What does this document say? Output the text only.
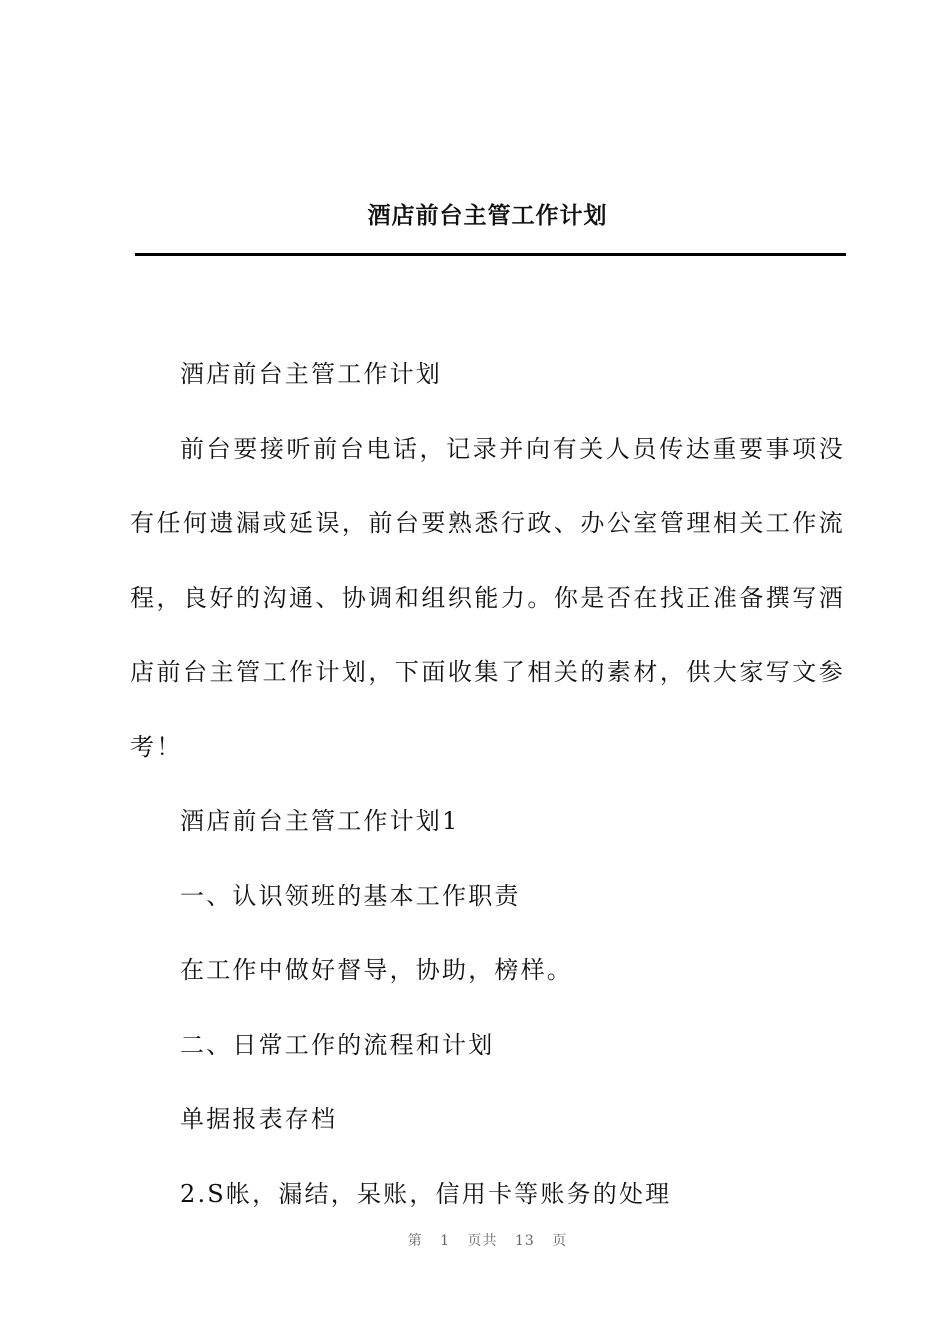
酒店前台主管工作计划

酒店前台主管工作计划

前台要接听前台电话，记录并向有关人员传达重要事项没有任何遗漏或延误，前台要熟悉行政、办公室管理相关工作流程，良好的沟通、协调和组织能力。你是否在找正准备撰写酒店前台主管工作计划，下面收集了相关的素材，供大家写文参考！

酒店前台主管工作计划1

一、认识领班的基本工作职责

在工作中做好督导，协助，榜样。

二、日常工作的流程和计划

单据报表存档

2.S帐，漏结，呆账，信用卡等账务的处理

第 1 页共 13 页
